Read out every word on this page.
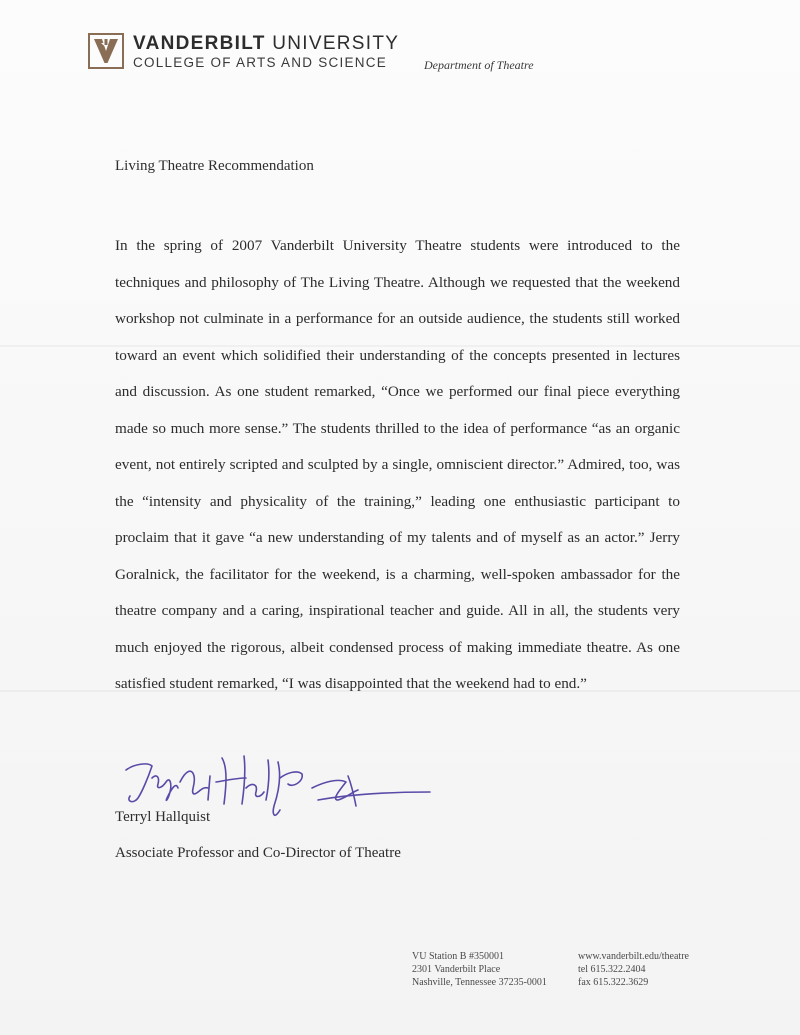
VANDERBILT UNIVERSITY
COLLEGE OF ARTS AND SCIENCE	Department of Theatre
Living Theatre Recommendation
In the spring of 2007 Vanderbilt University Theatre students were introduced to the techniques and philosophy of The Living Theatre. Although we requested that the weekend workshop not culminate in a performance for an outside audience, the students still worked toward an event which solidified their understanding of the concepts presented in lectures and discussion. As one student remarked, “Once we performed our final piece everything made so much more sense.” The students thrilled to the idea of performance “as an organic event, not entirely scripted and sculpted by a single, omniscient director.” Admired, too, was the “intensity and physicality of the training,” leading one enthusiastic participant to proclaim that it gave “a new understanding of my talents and of myself as an actor.” Jerry Goralnick, the facilitator for the weekend, is a charming, well-spoken ambassador for the theatre company and a caring, inspirational teacher and guide. All in all, the students very much enjoyed the rigorous, albeit condensed process of making immediate theatre. As one satisfied student remarked, “I was disappointed that the weekend had to end.”
Terryl Hallquist
Associate Professor and Co-Director of Theatre

VU Station B #350001
2301 Vanderbilt Place
Nashville, Tennessee 37235-0001
www.vanderbilt.edu/theatre
tel 615.322.2404
fax 615.322.3629
